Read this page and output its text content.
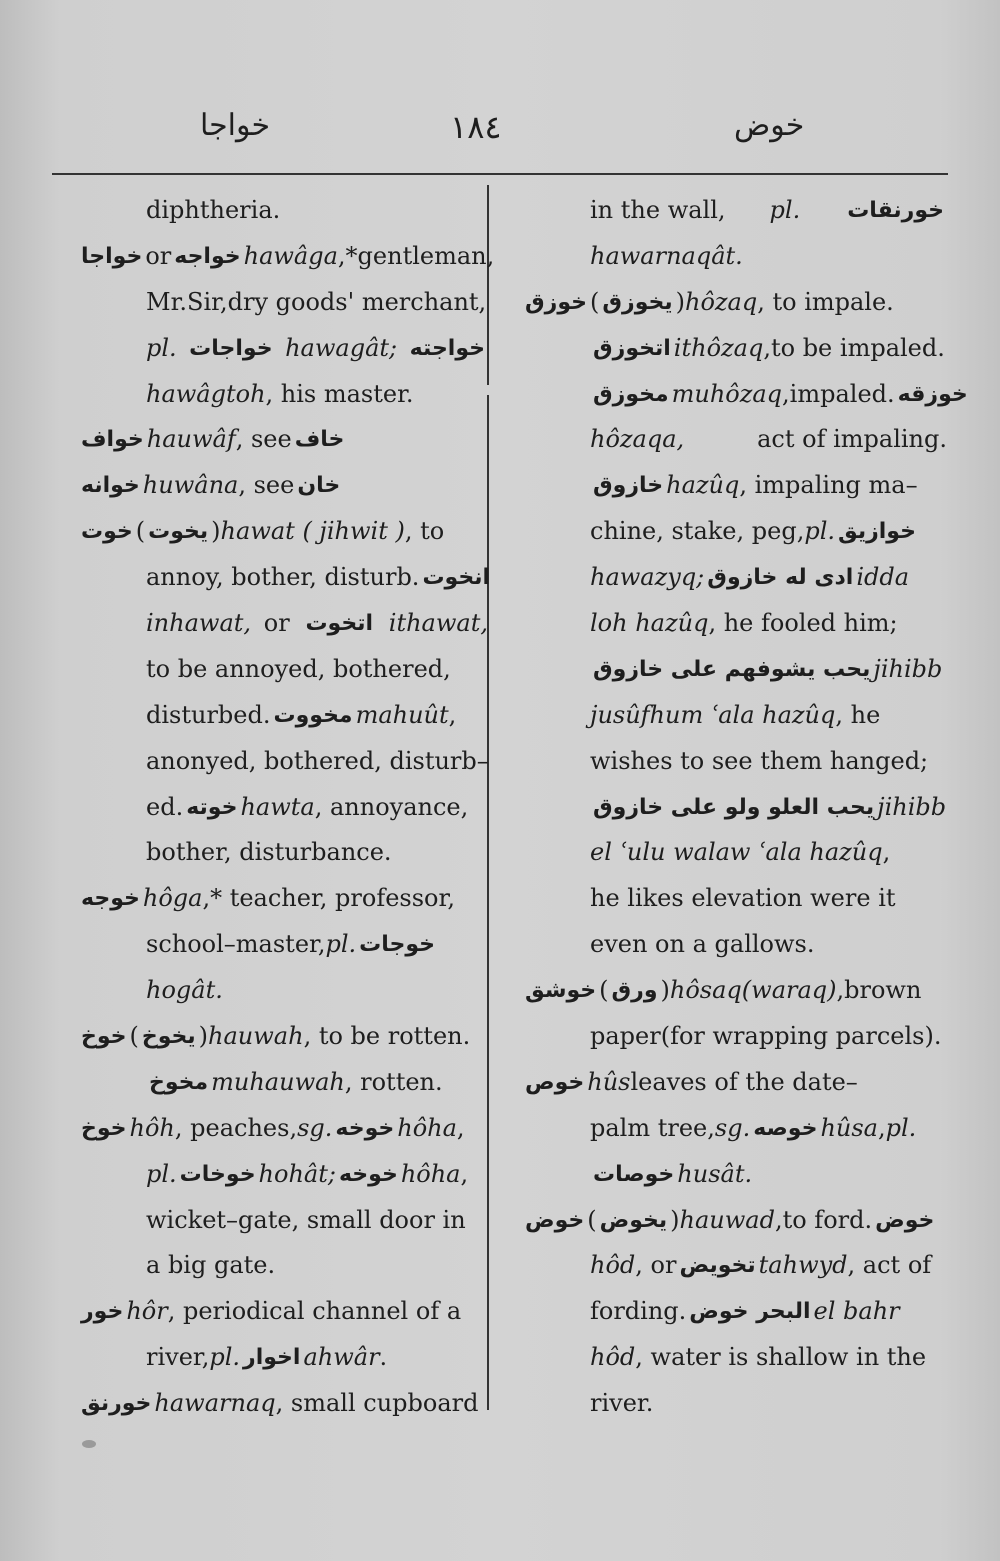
خواجا	١٨٤	خوض
diphtheria.
خواجا or خواجه hawâga ,*gentleman,
Mr.Sir,dry goods' merchant,
pl. خواجات hawagât; خواجته
hawâgtoh , his master.
خواف hauwâf , see خاف
خوانه huwâna , see خان
خوت ( يخوت ) hawat ( jihwit ) , to
annoy, bother, disturb. انخوت
inhawat, or اتخوت ithawat,
to be annoyed, bothered,
disturbed. مخووت mahuût ,
anonyed, bothered, disturb–
ed. خوته hawta , annoyance,
bother, disturbance.
خوجه hôga ,* teacher, professor,
school–master, pl. خوجات
hogât.
خوخ ( يخوخ ) hauwah , to be rotten.
مخوخ muhauwah , rotten.
خوخ hôh , peaches, sg. خوخه hôha ,
pl. خوخات hohât; خوخه hôha ,
wicket–gate, small door in
a big gate.
خور hôr , periodical channel of a
river, pl. اخوار ahwâr .
خورنق hawarnaq , small cupboard
in the wall, pl. خورنقات
hawarnaqât.
خوزق ( يخوزق ) hôzaq , to impale.
اتخوزق ithôzaq ,to be impaled.
مخوزق muhôzaq ,impaled. خوزقه
hôzaqa,	act of impaling.
خازوق hazûq , impaling ma–
chine, stake, peg, pl. خوازيق
hawazyq; ادى له خازوق idda
loh hazûq , he fooled him;
يحب يشوفهم على خازوق jihibb
jusûfhum ʿala hazûq , he
wishes to see them hanged;
يحب العلو ولو على خازوق jihibb
el ʿulu walaw ʿala hazûq ,
he likes elevation were it
even on a gallows.
خوشق ( ورق ) hôsaq(waraq) ,brown
paper(for wrapping parcels).
خوص hûs leaves of the date–
palm tree, sg. خوصه hûsa , pl.
خوصات husât.
خوض ( يخوض ) hauwad ,to ford. خوض
hôd , or تخويض tahwyd , act of
fording. البحر خوض el bahr
hôd , water is shallow in the
river.
